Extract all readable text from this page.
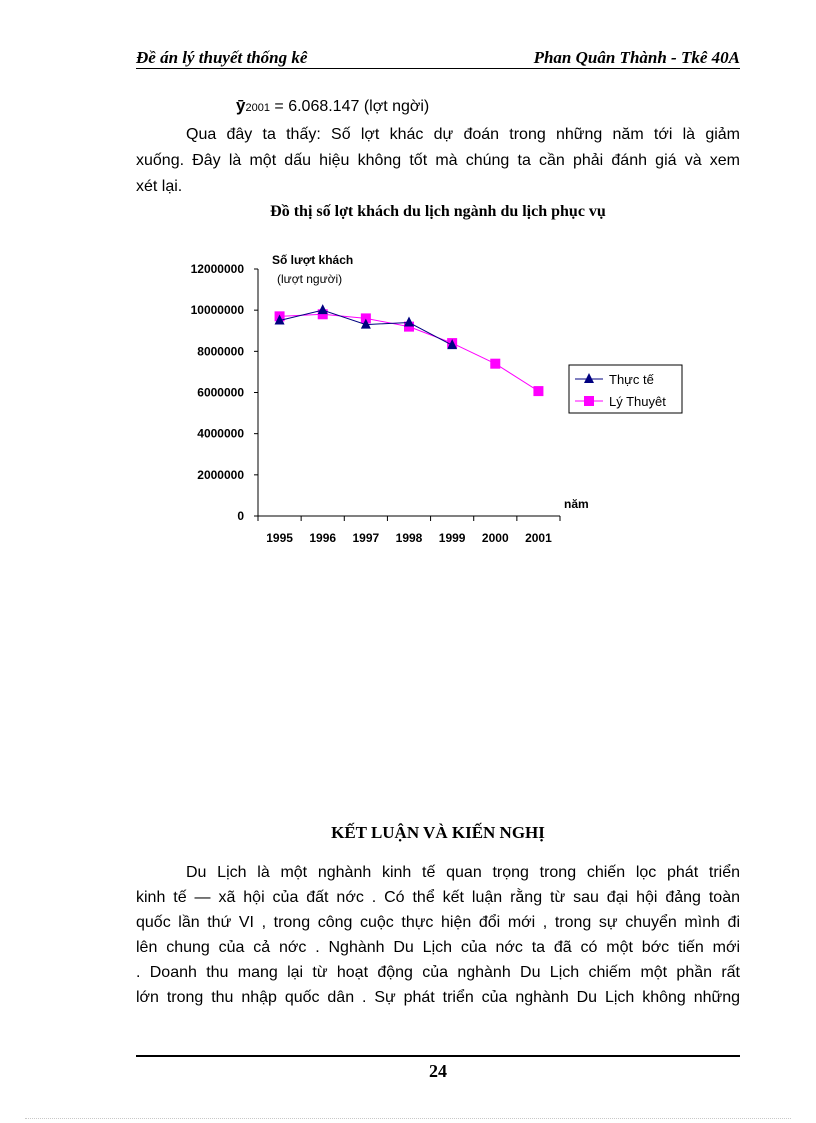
Đề án lý thuyết thống kê	Phan Quân Thành - Tkê 40A
ȳ2001 = 6.068.147 (lợt ngời)
Qua đây ta thấy: Số lợt khác dự đoán trong những năm tới là giảm
xuống. Đây là một dấu hiệu không tốt mà chúng ta cần phải đánh giá và xem
xét lại.
Đồ thị số lợt khách du lịch ngành du lịch phục vụ
0
2000000
4000000
6000000
8000000
10000000
12000000
1995 1996 1997 1998 1999 2000 2001
Số lượt khách
(lượt người)
năm
Thực tế
Lý Thuyêt
KẾT LUẬN VÀ KIẾN NGHỊ
Du Lịch là một nghành kinh tế quan trọng trong chiến lọc phát triển
kinh tế — xã hội của đất nớc . Có thể kết luận rằng từ sau đại hội đảng toàn
quốc lần thứ VI , trong công cuộc thực hiện đổi mới , trong sự chuyển mình đi
lên chung của cả nớc . Nghành Du Lịch của nớc ta đã có một bớc tiến mới
. Doanh thu mang lại từ hoạt động của nghành Du Lịch chiếm một phần rất
lớn trong thu nhập quốc dân . Sự phát triển của nghành Du Lịch không những
24
